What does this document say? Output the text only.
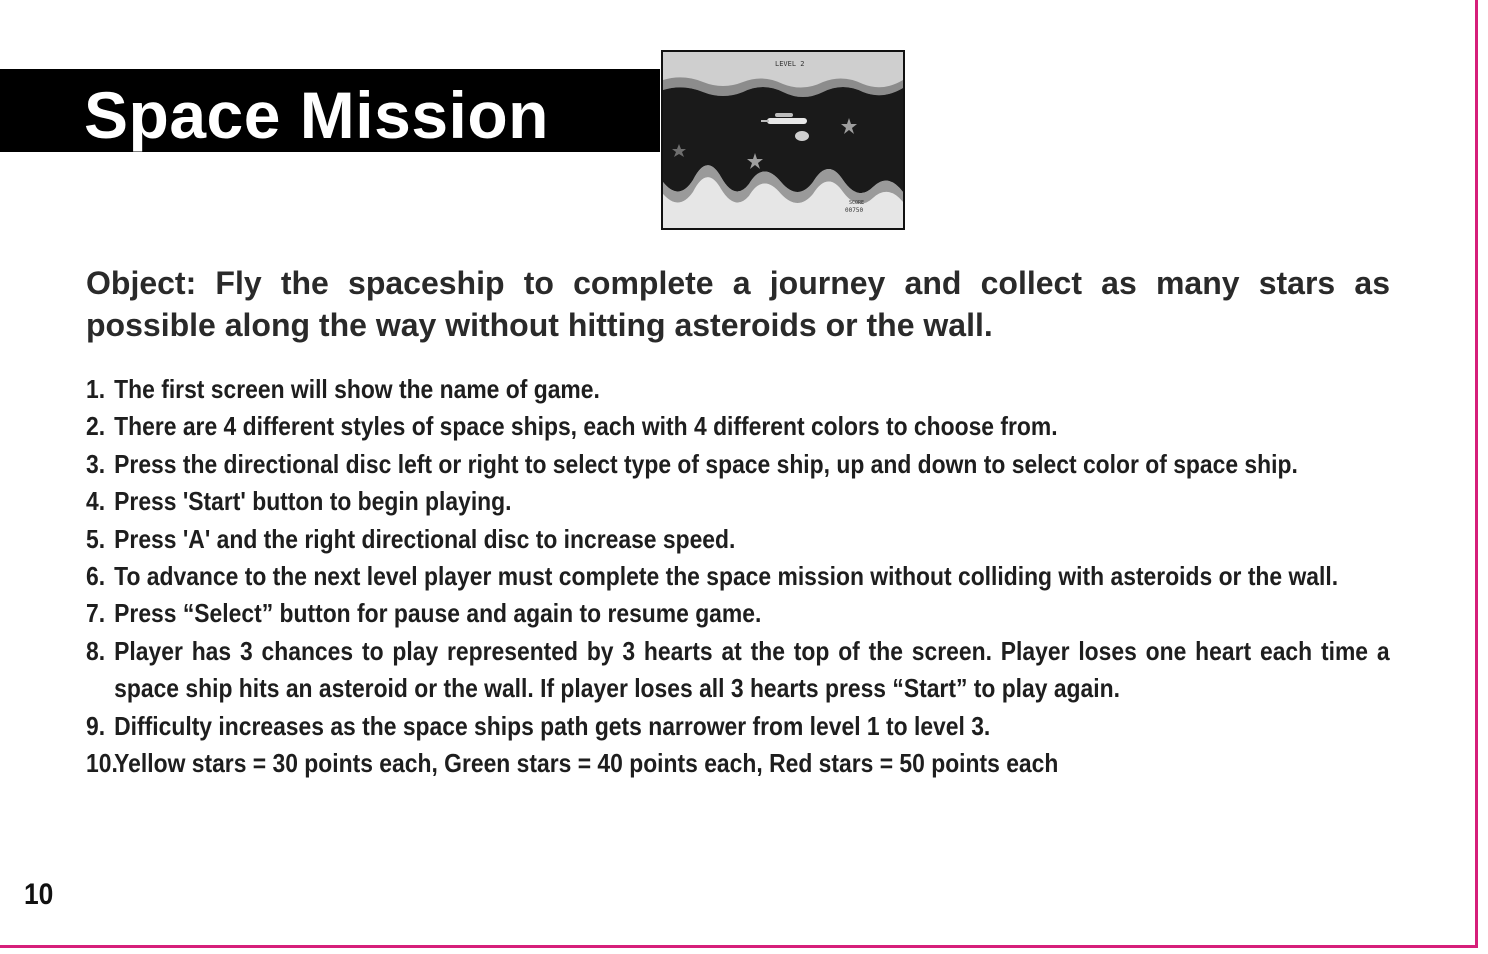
Space Mission
LEVEL 2
SCORE
00750
Object: Fly the spaceship to complete a journey and collect as many stars as possible along the way without hitting asteroids or the wall.
1. The first screen will show the name of game.
2. There are 4 different styles of space ships, each with 4 different colors to choose from.
3. Press the directional disc left or right to select type of space ship, up and down to select color of space ship.
4. Press 'Start' button to begin playing.
5. Press 'A' and the right directional disc to increase speed.
6. To advance to the next level player must complete the space mission without colliding with asteroids or the wall.
7. Press “Select” button for pause and again to resume game.
8. Player has 3 chances to play represented by 3 hearts at the top of the screen. Player loses one heart each time a space ship hits an asteroid or the wall. If player loses all 3 hearts press “Start” to play again.
9. Difficulty increases as the space ships path gets narrower from level 1 to level 3.
10.
Yellow stars = 30 points each, Green stars = 40 points each, Red stars = 50 points each
10
